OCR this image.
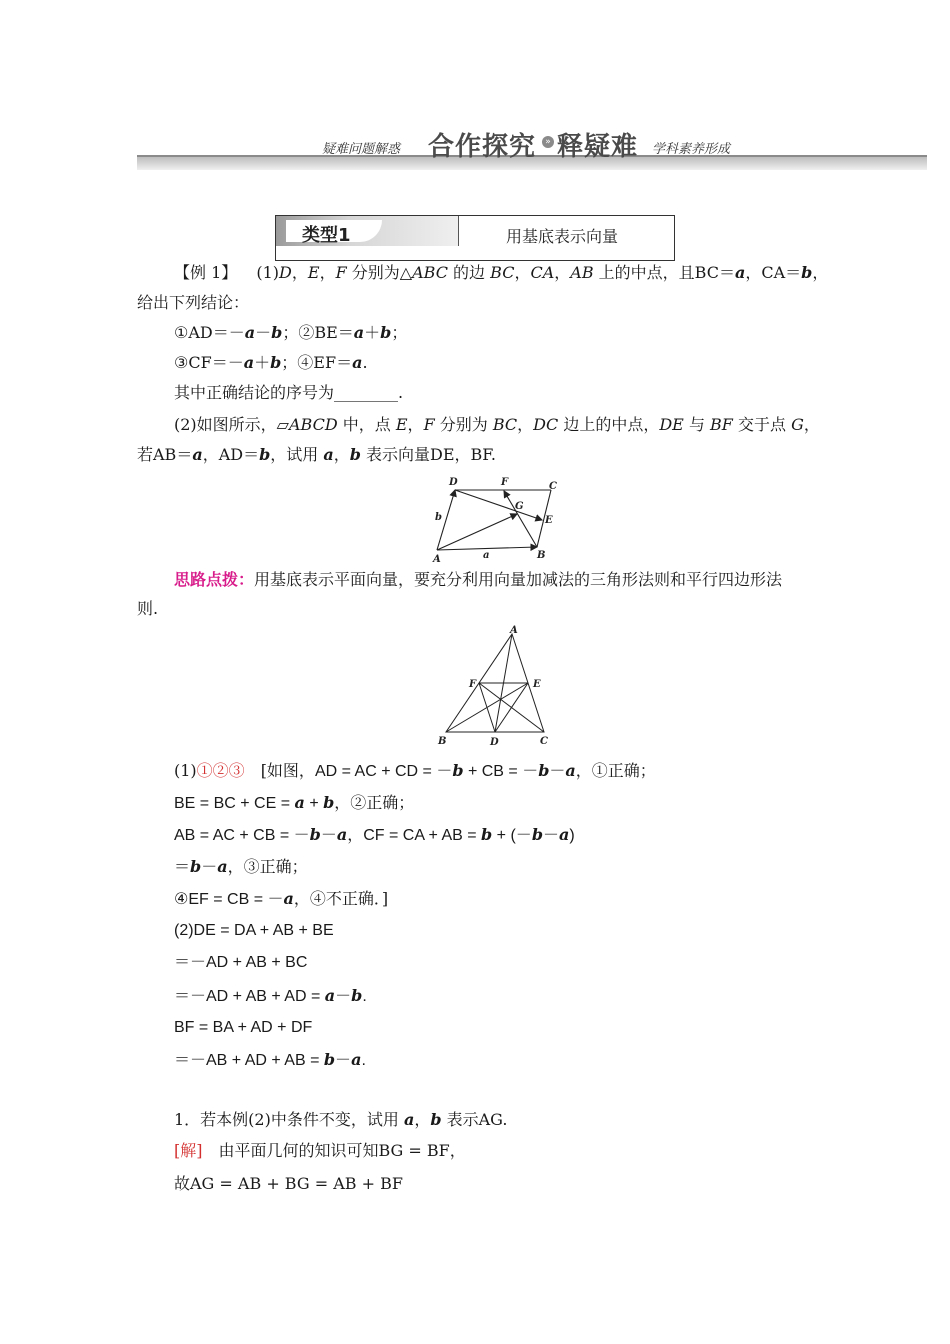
疑难问题解惑 合作探究	» 释疑难 学科素养形成
类型1	用基底表示向量
【例 1】 (1)D，E，F 分别为△ABC 的边 BC，CA，AB 上的中点，且BC＝a，CA＝b，
给出下列结论：
①AD＝－a－b；②BE＝a＋b；
③CF＝－a＋b；④EF＝a.
其中正确结论的序号为________.
(2)如图所示，▱ABCD 中，点 E，F 分别为 BC，DC 边上的中点，DE 与 BF 交于点 G，
若AB＝a，AD＝b，试用 a，b 表示向量DE，BF.
D	F	C
G
E
b
A	a	B
思路点拨：用基底表示平面向量，要充分利用向量加减法的三角形法则和平行四边形法
则.
A
F	E
B	D	C
(1)①②③　[如图，AD = AC + CD = －b + CB = －b－a，①正确；
BE = BC + CE = a + b，②正确；
AB = AC + CB = －b－a，CF = CA + AB = b + (－b－a)
＝b－a，③正确；
④EF = CB = －a，④不正确．]
(2)DE = DA + AB + BE
＝－AD + AB + BC
＝－AD + AB + AD = a－b.
BF = BA + AD + DF
＝－AB + AD + AB = b－a.
1．若本例(2)中条件不变，试用 a，b 表示AG.
[解]　由平面几何的知识可知BG = BF，
故AG = AB + BG = AB + BF
